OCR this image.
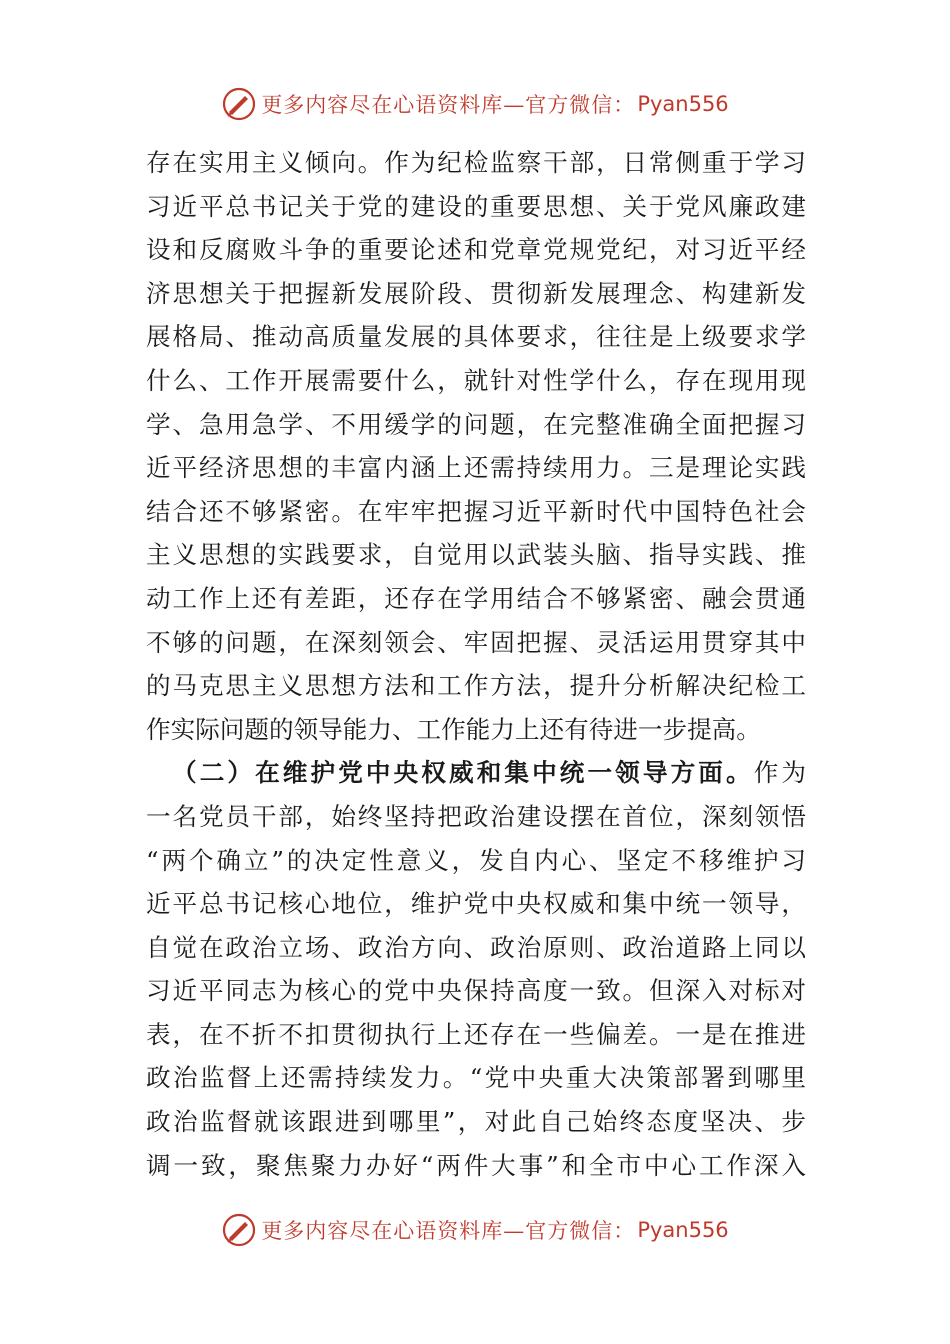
更多内容尽在心语资料库—官方微信： Pyan556
存在实用主义倾向。作为纪检监察干部，日常侧重于学习
习近平总书记关于党的建设的重要思想、关于党风廉政建
设和反腐败斗争的重要论述和党章党规党纪，对习近平经
济思想关于把握新发展阶段、贯彻新发展理念、构建新发
展格局、推动高质量发展的具体要求，往往是上级要求学
什么、工作开展需要什么，就针对性学什么，存在现用现
学、急用急学、不用缓学的问题，在完整准确全面把握习
近平经济思想的丰富内涵上还需持续用力。三是理论实践
结合还不够紧密。在牢牢把握习近平新时代中国特色社会
主义思想的实践要求，自觉用以武装头脑、指导实践、推
动工作上还有差距，还存在学用结合不够紧密、融会贯通
不够的问题，在深刻领会、牢固把握、灵活运用贯穿其中
的马克思主义思想方法和工作方法，提升分析解决纪检工
作实际问题的领导能力、工作能力上还有待进一步提高。
（二）在维护党中央权威和集中统一领导方面。作为
一名党员干部，始终坚持把政治建设摆在首位，深刻领悟
“两个确立”的决定性意义，发自内心、坚定不移维护习
近平总书记核心地位，维护党中央权威和集中统一领导，
自觉在政治立场、政治方向、政治原则、政治道路上同以
习近平同志为核心的党中央保持高度一致。但深入对标对
表，在不折不扣贯彻执行上还存在一些偏差。一是在推进
政治监督上还需持续发力。“党中央重大决策部署到哪里
政治监督就该跟进到哪里”，对此自己始终态度坚决、步
调一致，聚焦聚力办好“两件大事”和全市中心工作深入
更多内容尽在心语资料库—官方微信： Pyan556
